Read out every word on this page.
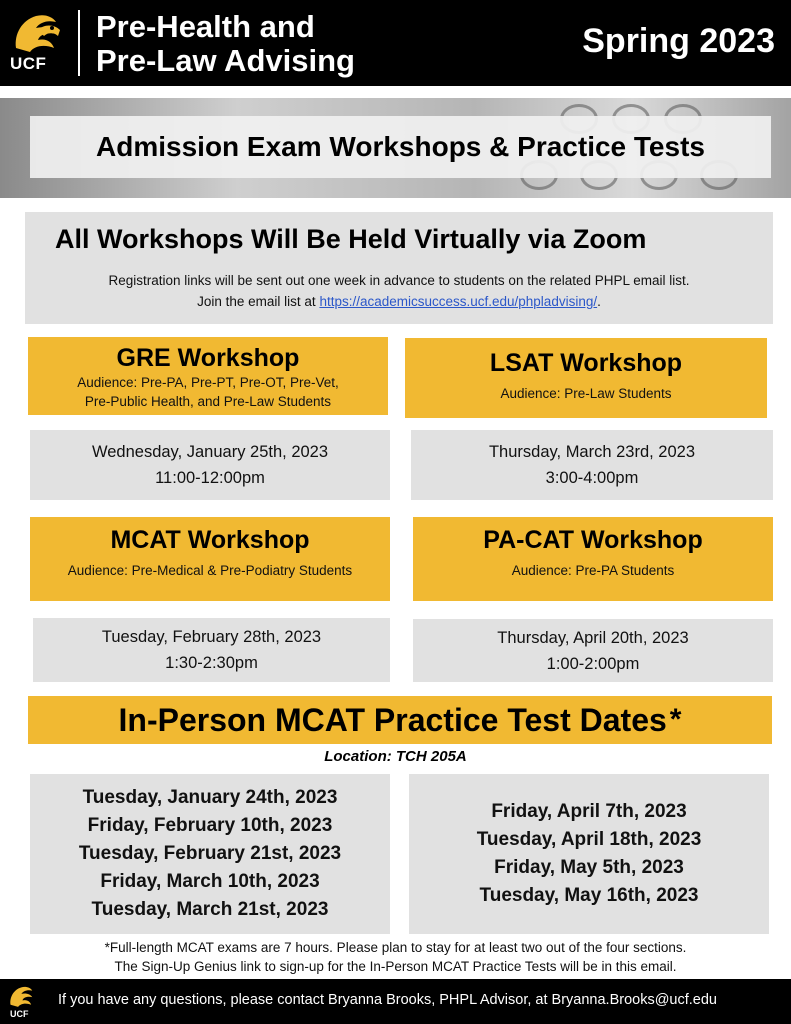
UCF
Pre-Health and
Pre-Law Advising
Spring 2023
Admission Exam Workshops & Practice Tests
All Workshops Will Be Held Virtually via Zoom
Registration links will be sent out one week in advance to students on the related PHPL email list.
Join the email list at https://academicsuccess.ucf.edu/phpladvising/.
GRE Workshop
Audience: Pre-PA, Pre-PT, Pre-OT, Pre-Vet,
Pre-Public Health, and Pre-Law Students
Wednesday, January 25th, 2023
11:00-12:00pm
LSAT Workshop
Audience: Pre-Law Students
Thursday, March 23rd, 2023
3:00-4:00pm
MCAT Workshop
Audience: Pre-Medical & Pre-Podiatry Students
Tuesday, February 28th, 2023
1:30-2:30pm
PA-CAT Workshop
Audience: Pre-PA Students
Thursday, April 20th, 2023
1:00-2:00pm
In-Person MCAT Practice Test Dates *
Location: TCH 205A
Tuesday, January 24th, 2023
Friday, February 10th, 2023
Tuesday, February 21st, 2023
Friday, March 10th, 2023
Tuesday, March 21st, 2023
Friday, April 7th, 2023
Tuesday, April 18th, 2023
Friday, May 5th, 2023
Tuesday, May 16th, 2023
*Full-length MCAT exams are 7 hours. Please plan to stay for at least two out of the four sections.
The Sign-Up Genius link to sign-up for the In-Person MCAT Practice Tests will be in this email.
UCF
If you have any questions, please contact Bryanna Brooks, PHPL Advisor, at Bryanna.Brooks@ucf.edu
